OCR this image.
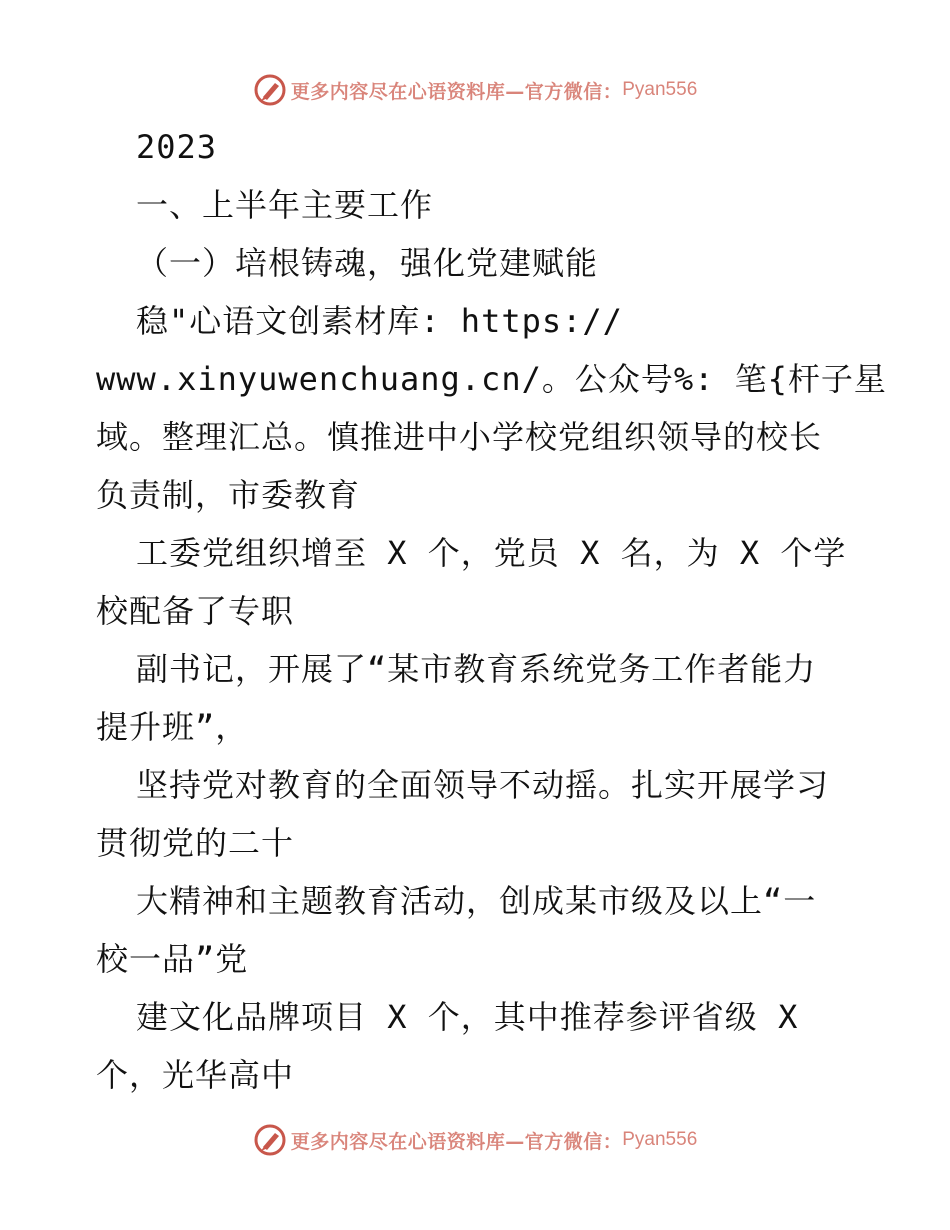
更多内容尽在心语资料库—官方微信： Pyan556
2023
一、上半年主要工作
（一）培根铸魂，强化党建赋能
稳"心语文创素材库: https://
www.xinyuwenchuang.cn/。公众号%: 笔{杆子星
域。整理汇总。慎推进中小学校党组织领导的校长
负责制，市委教育
工委党组织增至 X 个，党员 X 名，为 X 个学
校配备了专职
副书记，开展了“某市教育系统党务工作者能力
提升班”，
坚持党对教育的全面领导不动摇。扎实开展学习
贯彻党的二十
大精神和主题教育活动，创成某市级及以上“一
校一品”党
建文化品牌项目 X 个，其中推荐参评省级 X
个，光华高中
更多内容尽在心语资料库—官方微信： Pyan556
